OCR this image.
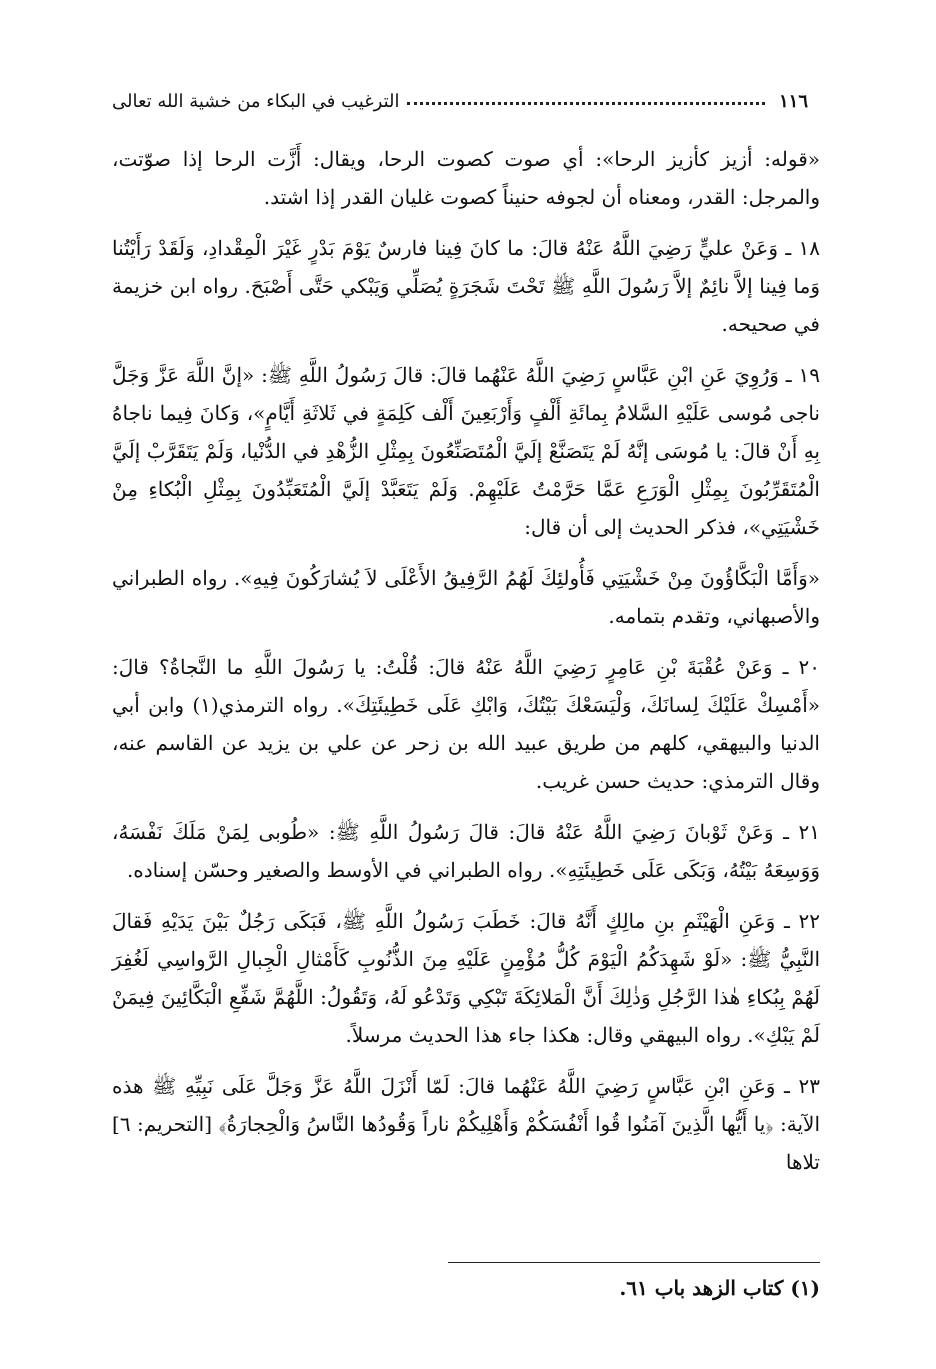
١١٦
الترغيب في البكاء من خشية الله تعالى

«قوله: أزيز كأزيز الرحا»: أي صوت كصوت الرحا، ويقال: أَزَّت الرحا إذا صوّتت، والمرجل: القدر، ومعناه أن لجوفه حنيناً كصوت غليان القدر إذا اشتد.

١٨ ـ وَعَنْ عليٍّ رَضِيَ اللَّهُ عَنْهُ قالَ: ما كانَ فِينا فارسٌ يَوْمَ بَدْرٍ غَيْرَ الْمِقْدادِ، وَلَقَدْ رَأَيْتُنا وَما فِينا إلاَّ نائِمٌ إلاَّ رَسُولَ اللَّهِ ﷺ تَحْتَ شَجَرَةٍ يُصَلِّي وَيَبْكي حَتَّى أَصْبَحَ. رواه ابن خزيمة في صحيحه.

١٩ ـ وَرُوِيَ عَنِ ابْنِ عَبَّاسٍ رَضِيَ اللَّهُ عَنْهُما قالَ: قالَ رَسُولُ اللَّهِ ﷺ: «إنَّ اللَّهَ عَزَّ وَجَلَّ ناجى مُوسى عَلَيْهِ السَّلامُ بِمائَةِ أَلْفٍ وَأَرْبَعِينَ أَلْف كَلِمَةٍ في ثَلاثَةِ أَيَّامٍ»، وَكانَ فِيما ناجاهُ بِهِ أَنْ قالَ: يا مُوسَى إنَّهُ لَمْ يَتَصَنَّعْ إلَيَّ الْمُتَصَنِّعُونَ بِمِثْلِ الزُّهْدِ في الدُّنْيا، وَلَمْ يَتَقَرَّبْ إلَيَّ الْمُتَقَرِّبُونَ بِمِثْلِ الْوَرَعِ عَمَّا حَرَّمْتُ عَلَيْهِمْ. وَلَمْ يَتَعَبَّدْ إلَيَّ الْمُتَعَبِّدُونَ بِمِثْلِ الْبُكاءِ مِنْ خَشْيَتِي»، فذكر الحديث إلى أن قال:

«وَأَمَّا الْبَكَّاؤُونَ مِنْ خَشْيَتِي فَأُولئِكَ لَهُمُ الرَّفِيقُ الأَعْلَى لاَ يُشارَكُونَ فِيهِ». رواه الطبراني والأصبهاني، وتقدم بتمامه.

٢٠ ـ وَعَنْ عُقْبَةَ بْنِ عَامِرٍ رَضِيَ اللَّهُ عَنْهُ قالَ: قُلْتُ: يا رَسُولَ اللَّهِ ما النَّجاةُ؟ قالَ: «أَمْسِكْ عَلَيْكَ لِسانَكَ، وَلْيَسَعْكَ بَيْتُكَ، وَابْكِ عَلَى خَطِيئَتِكَ». رواه الترمذي(١) وابن أبي الدنيا والبيهقي، كلهم من طريق عبيد الله بن زحر عن علي بن يزيد عن القاسم عنه، وقال الترمذي: حديث حسن غريب.

٢١ ـ وَعَنْ ثَوْبانَ رَضِيَ اللَّهُ عَنْهُ قالَ: قالَ رَسُولُ اللَّهِ ﷺ: «طُوبى لِمَنْ مَلَكَ نَفْسَهُ، وَوَسِعَهُ بَيْتُهُ، وَبَكَى عَلَى خَطِيئَتِهِ». رواه الطبراني في الأوسط والصغير وحسّن إسناده.

٢٢ ـ وَعَنِ الْهَيْثَمِ بنِ مالِكٍ أَنَّهُ قالَ: خَطَبَ رَسُولُ اللَّهِ ﷺ، فَبَكَى رَجُلٌ بَيْنَ يَدَيْهِ فَقالَ النَّبِيُّ ﷺ: «لَوْ شَهِدَكُمُ الْيَوْمَ كُلُّ مُؤْمِنٍ عَلَيْهِ مِنَ الذُّنُوبِ كَأَمْثالِ الْجِبالِ الرَّواسِي لَغُفِرَ لَهُمْ بِبُكاءِ هٰذا الرَّجُلِ وَذٰلِكَ أَنَّ الْمَلائِكَةَ تَبْكِي وَتَدْعُو لَهُ، وَتَقُولُ: اللَّهُمَّ شَفِّعِ الْبَكَّائِينَ فِيمَنْ لَمْ يَبْكِ». رواه البيهقي وقال: هكذا جاء هذا الحديث مرسلاً.

٢٣ ـ وَعَنِ ابْنِ عَبَّاسٍ رَضِيَ اللَّهُ عَنْهُما قالَ: لَمّا أَنْزَلَ اللَّهُ عَزَّ وَجَلَّ عَلَى نَبِيِّهِ ﷺ هذه الآية: ﴿يا أَيُّها الَّذِينَ آمَنُوا قُوا أَنْفُسَكُمْ وَأَهْلِيكُمْ ناراً وَقُودُها النَّاسُ وَالْحِجارَةُ﴾ [التحريم: ٦] تلاها

(١) كتاب الزهد باب ٦١.
